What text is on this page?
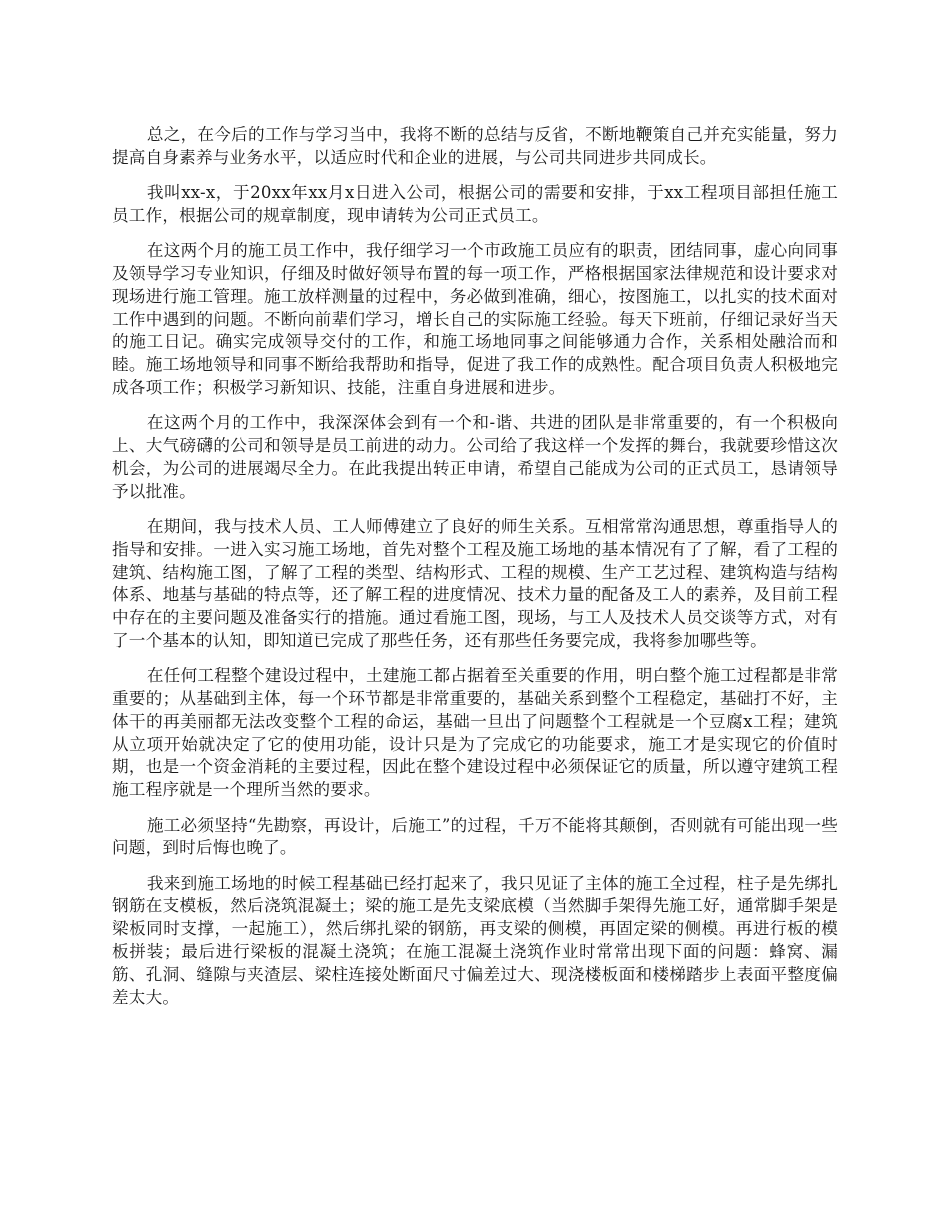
总之，在今后的工作与学习当中，我将不断的总结与反省，不断地鞭策自己并充实能量，努力提高自身素养与业务水平，以适应时代和企业的进展，与公司共同进步共同成长。

我叫xx-x，于20xx年xx月x日进入公司，根据公司的需要和安排，于xx工程项目部担任施工员工作，根据公司的规章制度，现申请转为公司正式员工。

在这两个月的施工员工作中，我仔细学习一个市政施工员应有的职责，团结同事，虚心向同事及领导学习专业知识，仔细及时做好领导布置的每一项工作，严格根据国家法律规范和设计要求对现场进行施工管理。施工放样测量的过程中，务必做到准确，细心，按图施工，以扎实的技术面对工作中遇到的问题。不断向前辈们学习，增长自己的实际施工经验。每天下班前，仔细记录好当天的施工日记。确实完成领导交付的工作，和施工场地同事之间能够通力合作，关系相处融洽而和睦。施工场地领导和同事不断给我帮助和指导，促进了我工作的成熟性。配合项目负责人积极地完成各项工作；积极学习新知识、技能，注重自身进展和进步。

在这两个月的工作中，我深深体会到有一个和-谐、共进的团队是非常重要的，有一个积极向上、大气磅礴的公司和领导是员工前进的动力。公司给了我这样一个发挥的舞台，我就要珍惜这次机会，为公司的进展竭尽全力。在此我提出转正申请，希望自己能成为公司的正式员工，恳请领导予以批准。

在期间，我与技术人员、工人师傅建立了良好的师生关系。互相常常沟通思想，尊重指导人的指导和安排。一进入实习施工场地，首先对整个工程及施工场地的基本情况有了了解，看了工程的建筑、结构施工图，了解了工程的类型、结构形式、工程的规模、生产工艺过程、建筑构造与结构体系、地基与基础的特点等，还了解工程的进度情况、技术力量的配备及工人的素养，及目前工程中存在的主要问题及准备实行的措施。通过看施工图，现场，与工人及技术人员交谈等方式，对有了一个基本的认知，即知道已完成了那些任务，还有那些任务要完成，我将参加哪些等。

在任何工程整个建设过程中，土建施工都占据着至关重要的作用，明白整个施工过程都是非常重要的；从基础到主体，每一个环节都是非常重要的，基础关系到整个工程稳定，基础打不好，主体干的再美丽都无法改变整个工程的命运，基础一旦出了问题整个工程就是一个豆腐x工程；建筑从立项开始就决定了它的使用功能，设计只是为了完成它的功能要求，施工才是实现它的价值时期，也是一个资金消耗的主要过程，因此在整个建设过程中必须保证它的质量，所以遵守建筑工程施工程序就是一个理所当然的要求。

施工必须坚持“先勘察，再设计，后施工”的过程，千万不能将其颠倒，否则就有可能出现一些问题，到时后悔也晚了。

我来到施工场地的时候工程基础已经打起来了，我只见证了主体的施工全过程，柱子是先绑扎钢筋在支模板，然后浇筑混凝土；梁的施工是先支梁底模（当然脚手架得先施工好，通常脚手架是梁板同时支撑，一起施工），然后绑扎梁的钢筋，再支梁的侧模，再固定梁的侧模。再进行板的模板拼装；最后进行梁板的混凝土浇筑；在施工混凝土浇筑作业时常常出现下面的问题：蜂窝、漏筋、孔洞、缝隙与夹渣层、梁柱连接处断面尺寸偏差过大、现浇楼板面和楼梯踏步上表面平整度偏差太大。
